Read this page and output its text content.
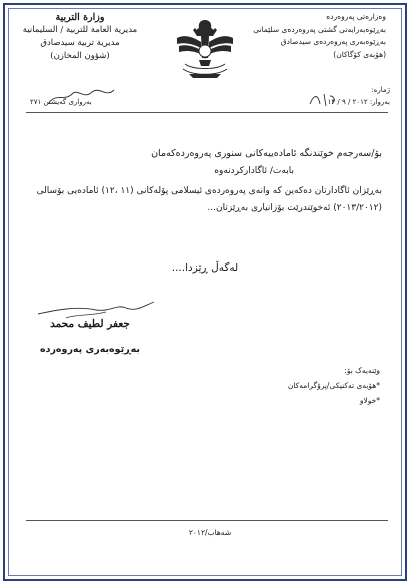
وزارة التربية
مديرية العامة للتربية / السليمانية
مديرية تربية سيدصادق
(شؤون المخازن)
وەزارەتی پەروەردە
بەڕێوەبەرایەتی گشتی پەروەردەی سلێمانی
بەڕێوەبەری پەروەردەی سیدصادق
(هۆبەی کۆگاکان)
ژمارە:
بەروار: ٢٠١٢ / ٩ / ١٣
بەرواری گەیشتن ٢٧١
بۆ/سەرجەم خوێندنگە ئامادەییەکانی سنوری پەروەردەکەمان
بابەت/ ئاگادارکردنەوە
بەڕێزان ئاگادارتان دەکەین کە وانەی پەروەردەی ئیسلامی پۆلەکانی (١١ ،١٢) ئامادەیی بۆسالی
(٢٠١٣/٢٠١٢) ئەخوێندرێت بۆزانیاری بەڕێزتان...
لەگەڵ ڕێزدا....
جعفر لطيف محمد
بەڕێوەبەری پەروەردە
وێنەیەک بۆ:
*هۆبەی تەکنیکی/پرۆگرامەکان
*خولاو
شەهاب/٢٠١٢
